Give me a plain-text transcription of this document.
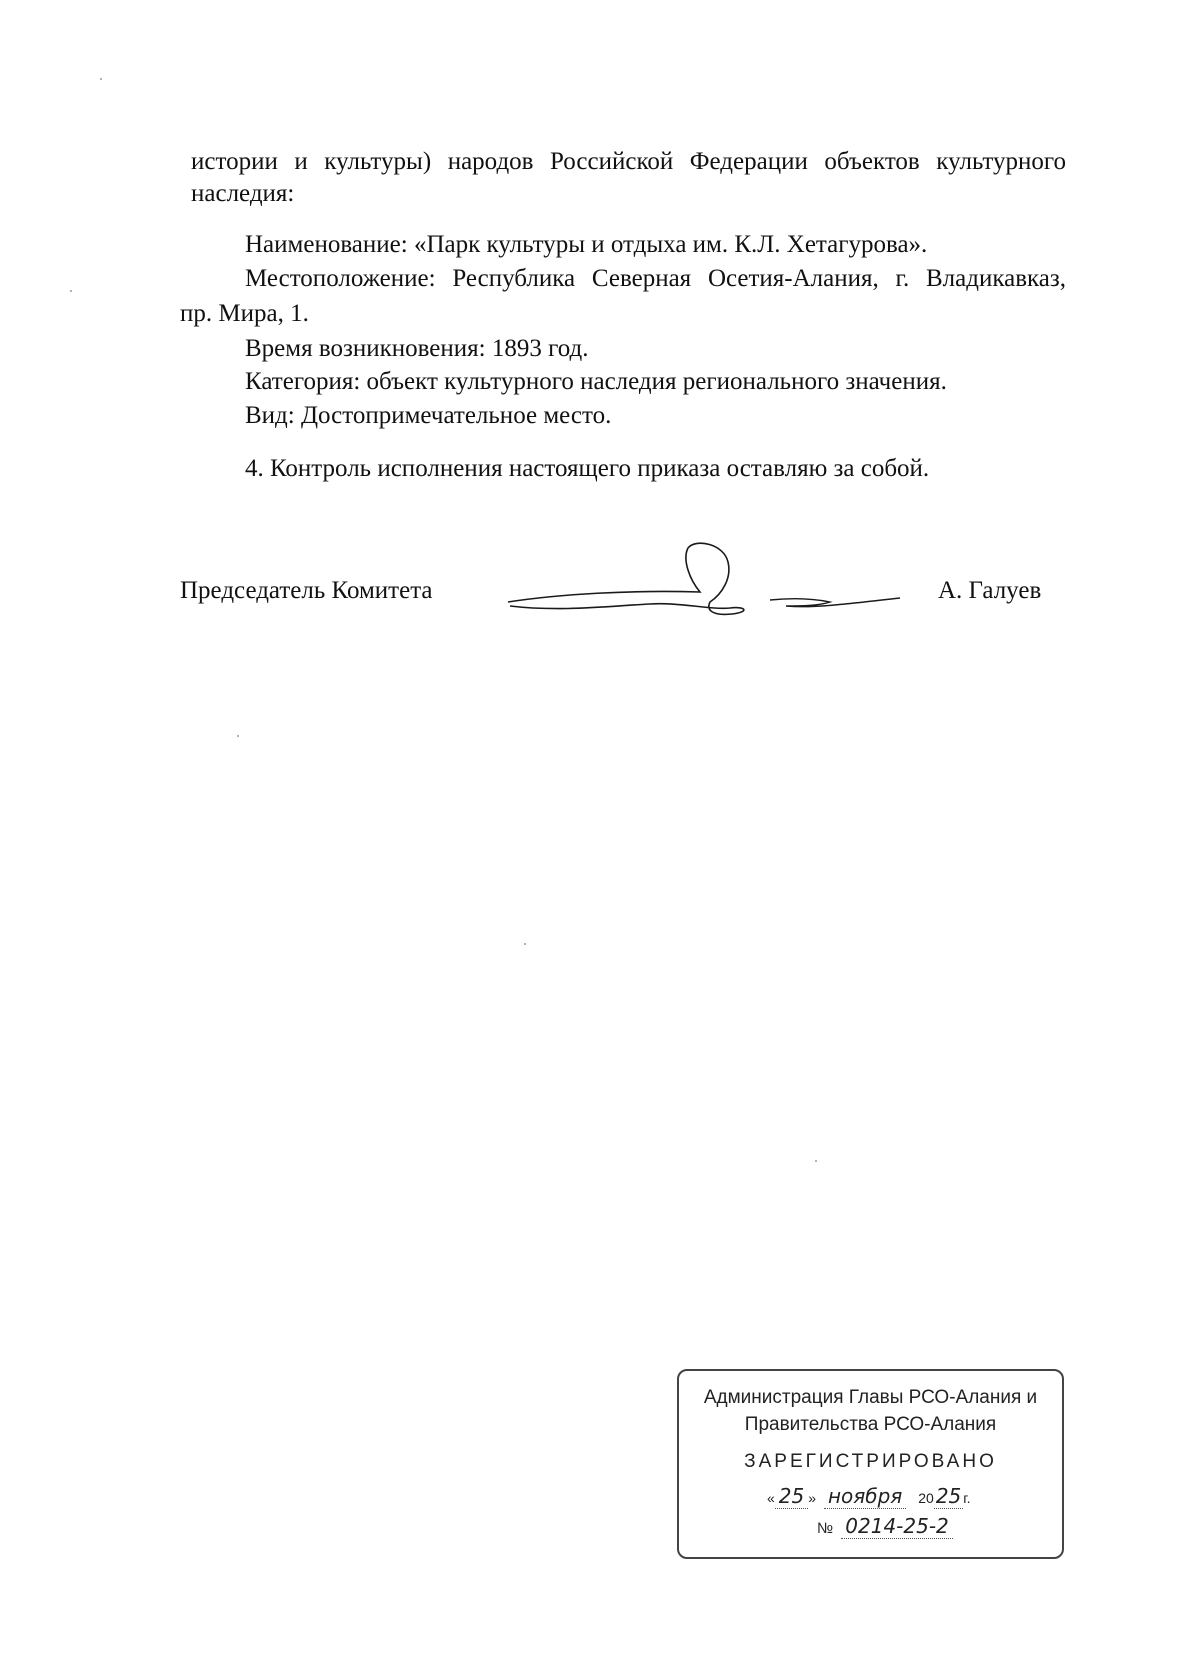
истории и культуры) народов Российской Федерации объектов культурного
наследия:
Наименование: «Парк культуры и отдыха им. К.Л. Хетагурова».
Местоположение: Республика Северная Осетия-Алания, г. Владикавказ,
пр. Мира, 1.
Время возникновения: 1893 год.
Категория: объект культурного наследия регионального значения.
Вид: Достопримечательное место.
4. Контроль исполнения настоящего приказа оставляю за собой.
Председатель Комитета	А. Галуев
Администрация Главы РСО-Алания и
Правительства РСО-Алания
ЗАРЕГИСТРИРОВАНО
« 25 » ноября 20 25 г.
№ 0214-25-2
